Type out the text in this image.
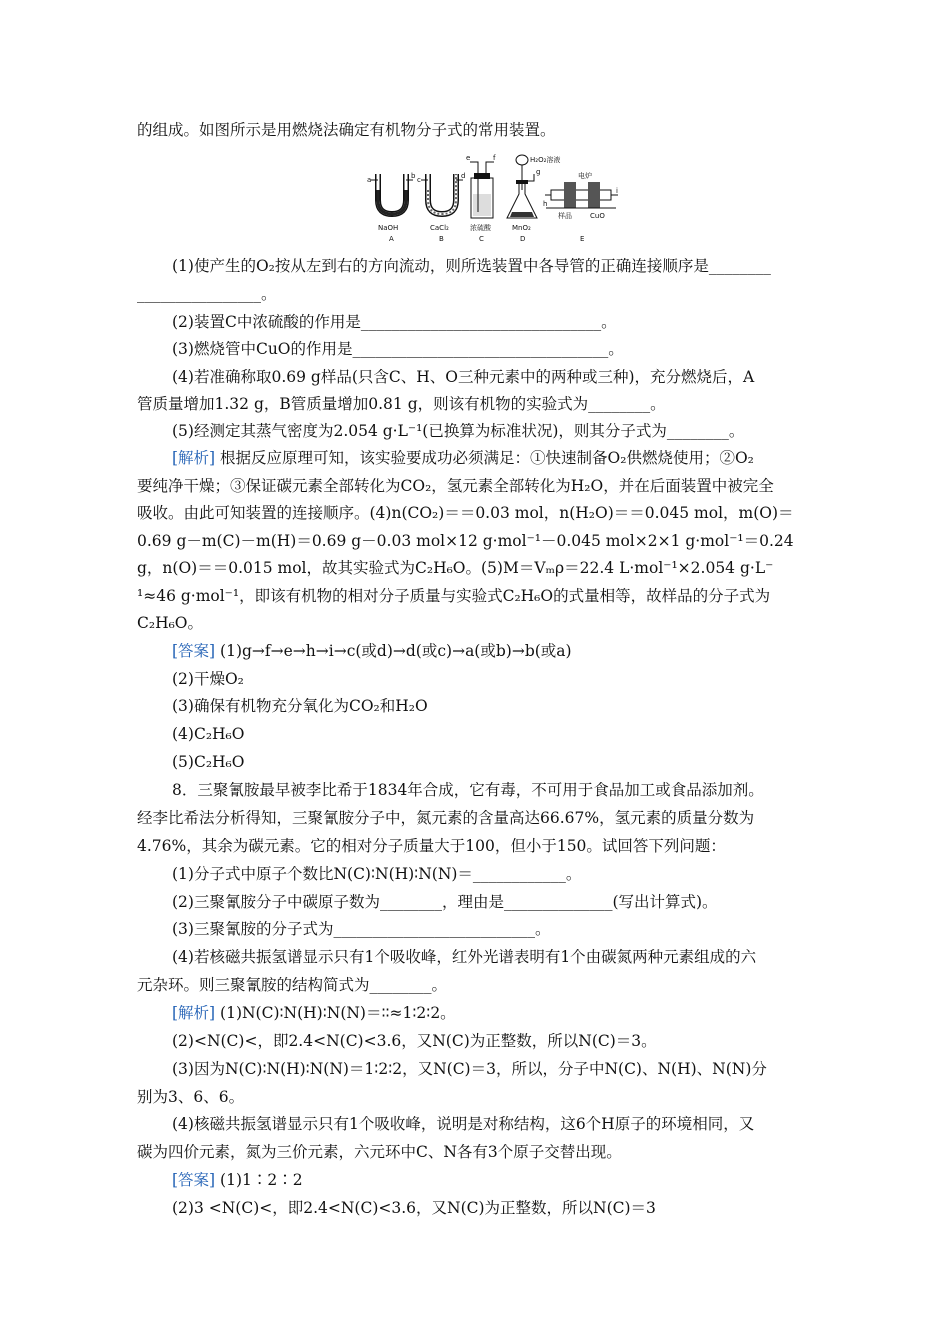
的组成。如图所示是用燃烧法确定有机物分子式的常用装置。
a	b c	d
e	f
g
h
i
H₂O₂溶液
电炉
样品	CuO
NaOH	CaCl₂	浓硫酸	MnO₂
A	B	C	D	E
(1)使产生的O₂按从左到右的方向流动，则所选装置中各导管的正确连接顺序是________
________________。
(2)装置C中浓硫酸的作用是_______________________________。
(3)燃烧管中CuO的作用是_________________________________。
(4)若准确称取0.69 g样品(只含C、H、O三种元素中的两种或三种)，充分燃烧后，A
管质量增加1.32 g，B管质量增加0.81 g，则该有机物的实验式为________。
(5)经测定其蒸气密度为2.054 g·L⁻¹(已换算为标准状况)，则其分子式为________。
[解析] 根据反应原理可知，该实验要成功必须满足：①快速制备O₂供燃烧使用；②O₂
要纯净干燥；③保证碳元素全部转化为CO₂，氢元素全部转化为H₂O，并在后面装置中被完全
吸收。由此可知装置的连接顺序。(4)n(CO₂)＝＝0.03 mol，n(H₂O)＝＝0.045 mol，m(O)＝
0.69 g－m(C)－m(H)＝0.69 g－0.03 mol×12 g·mol⁻¹－0.045 mol×2×1 g·mol⁻¹＝0.24
g，n(O)＝＝0.015 mol，故其实验式为C₂H₆O。(5)M＝Vₘρ＝22.4 L·mol⁻¹×2.054 g·L⁻
¹≈46 g·mol⁻¹，即该有机物的相对分子质量与实验式C₂H₆O的式量相等，故样品的分子式为
C₂H₆O。
[答案] (1)g→f→e→h→i→c(或d)→d(或c)→a(或b)→b(或a)
(2)干燥O₂
(3)确保有机物充分氧化为CO₂和H₂O
(4)C₂H₆O
(5)C₂H₆O
8．三聚氰胺最早被李比希于1834年合成，它有毒，不可用于食品加工或食品添加剂。
经李比希法分析得知，三聚氰胺分子中，氮元素的含量高达66.67%，氢元素的质量分数为
4.76%，其余为碳元素。它的相对分子质量大于100，但小于150。试回答下列问题：
(1)分子式中原子个数比N(C)∶N(H)∶N(N)＝____________。
(2)三聚氰胺分子中碳原子数为________，理由是______________(写出计算式)。
(3)三聚氰胺的分子式为__________________________。
(4)若核磁共振氢谱显示只有1个吸收峰，红外光谱表明有1个由碳氮两种元素组成的六
元杂环。则三聚氰胺的结构简式为________。
[解析] (1)N(C)∶N(H)∶N(N)＝∶∶≈1∶2∶2。
(2)<N(C)<，即2.4<N(C)<3.6，又N(C)为正整数，所以N(C)＝3。
(3)因为N(C)∶N(H)∶N(N)＝1∶2∶2，又N(C)＝3，所以，分子中N(C)、N(H)、N(N)分
别为3、6、6。
(4)核磁共振氢谱显示只有1个吸收峰，说明是对称结构，这6个H原子的环境相同，又
碳为四价元素，氮为三价元素，六元环中C、N各有3个原子交替出现。
[答案] (1)1∶2∶2
(2)3 <N(C)<，即2.4<N(C)<3.6，又N(C)为正整数，所以N(C)＝3
